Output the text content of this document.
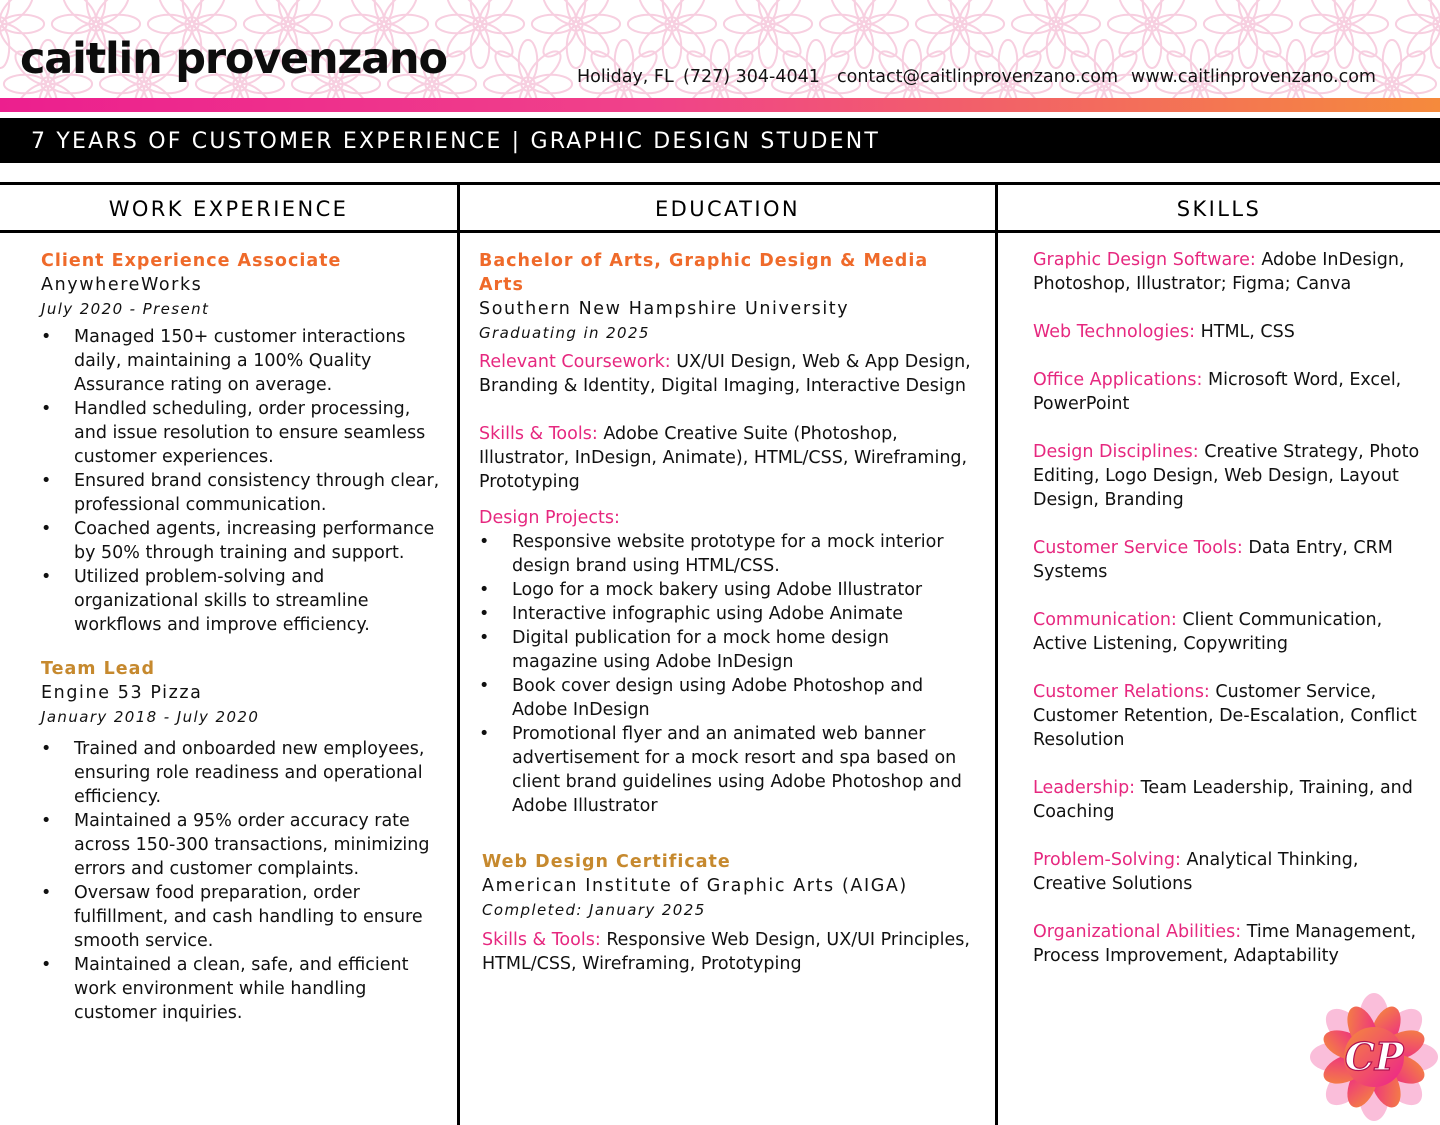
caitlin provenzano	Holiday, FL (727) 304-4041 contact@caitlinprovenzano.com www.caitlinprovenzano.com
7 YEARS OF CUSTOMER EXPERIENCE | GRAPHIC DESIGN STUDENT
WORK EXPERIENCE	EDUCATION	SKILLS
Client Experience Associate
AnywhereWorks
July 2020 - Present
• Managed 150+ customer interactions daily, maintaining a 100% Quality Assurance rating on average.
• Handled scheduling, order processing, and issue resolution to ensure seamless customer experiences.
• Ensured brand consistency through clear, professional communication.
• Coached agents, increasing performance by 50% through training and support.
• Utilized problem-solving and organizational skills to streamline workflows and improve efficiency.
Team Lead
Engine 53 Pizza
January 2018 - July 2020
• Trained and onboarded new employees, ensuring role readiness and operational efficiency.
• Maintained a 95% order accuracy rate across 150-300 transactions, minimizing errors and customer complaints.
• Oversaw food preparation, order fulfillment, and cash handling to ensure smooth service.
• Maintained a clean, safe, and efficient work environment while handling customer inquiries.
Bachelor of Arts, Graphic Design & Media Arts
Southern New Hampshire University
Graduating in 2025
Relevant Coursework: UX/UI Design, Web & App Design, Branding & Identity, Digital Imaging, Interactive Design
Skills & Tools: Adobe Creative Suite (Photoshop, Illustrator, InDesign, Animate), HTML/CSS, Wireframing, Prototyping
Design Projects:
• Responsive website prototype for a mock interior design brand using HTML/CSS.
• Logo for a mock bakery using Adobe Illustrator
• Interactive infographic using Adobe Animate
• Digital publication for a mock home design magazine using Adobe InDesign
• Book cover design using Adobe Photoshop and Adobe InDesign
• Promotional flyer and an animated web banner advertisement for a mock resort and spa based on client brand guidelines using Adobe Photoshop and Adobe Illustrator
Web Design Certificate
American Institute of Graphic Arts (AIGA)
Completed: January 2025
Skills & Tools: Responsive Web Design, UX/UI Principles, HTML/CSS, Wireframing, Prototyping
Graphic Design Software: Adobe InDesign, Photoshop, Illustrator; Figma; Canva
Web Technologies: HTML, CSS
Office Applications: Microsoft Word, Excel, PowerPoint
Design Disciplines: Creative Strategy, Photo Editing, Logo Design, Web Design, Layout Design, Branding
Customer Service Tools: Data Entry, CRM Systems
Communication: Client Communication, Active Listening, Copywriting
Customer Relations: Customer Service, Customer Retention, De-Escalation, Conflict Resolution
Leadership: Team Leadership, Training, and Coaching
Problem-Solving: Analytical Thinking, Creative Solutions
Organizational Abilities: Time Management, Process Improvement, Adaptability
CP
